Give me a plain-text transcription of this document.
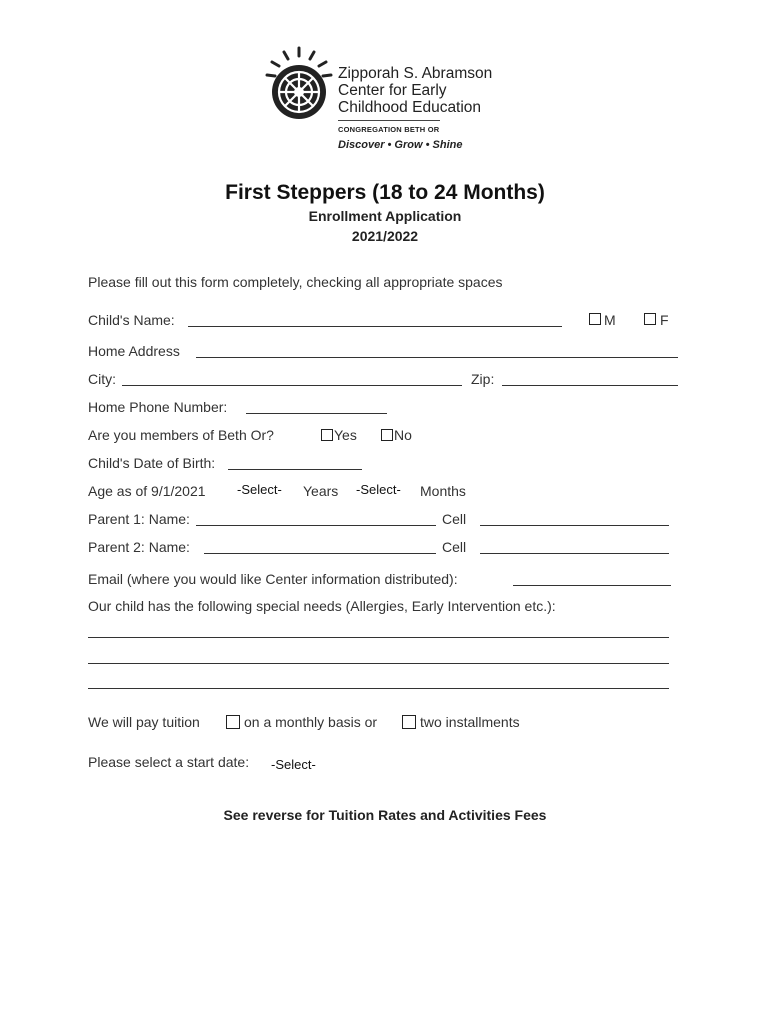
Zipporah S. Abramson
Center for Early
Childhood Education
CONGREGATION BETH OR
Discover • Grow • Shine
First Steppers (18 to 24 Months)
Enrollment Application
2021/2022
Please fill out this form completely, checking all appropriate spaces
Child's Name:	M	F
Home Address
City:	Zip:
Home Phone Number:
Are you members of Beth Or?	Yes	No
Child's Date of Birth:
Age as of 9/1/2021 -Select- Years -Select- Months
Parent 1: Name:	Cell
Parent 2: Name:	Cell
Email (where you would like Center information distributed):
Our child has the following special needs (Allergies, Early Intervention etc.):
We will pay tuition	on a monthly basis or	two installments
Please select a start date: -Select-
See reverse for Tuition Rates and Activities Fees
